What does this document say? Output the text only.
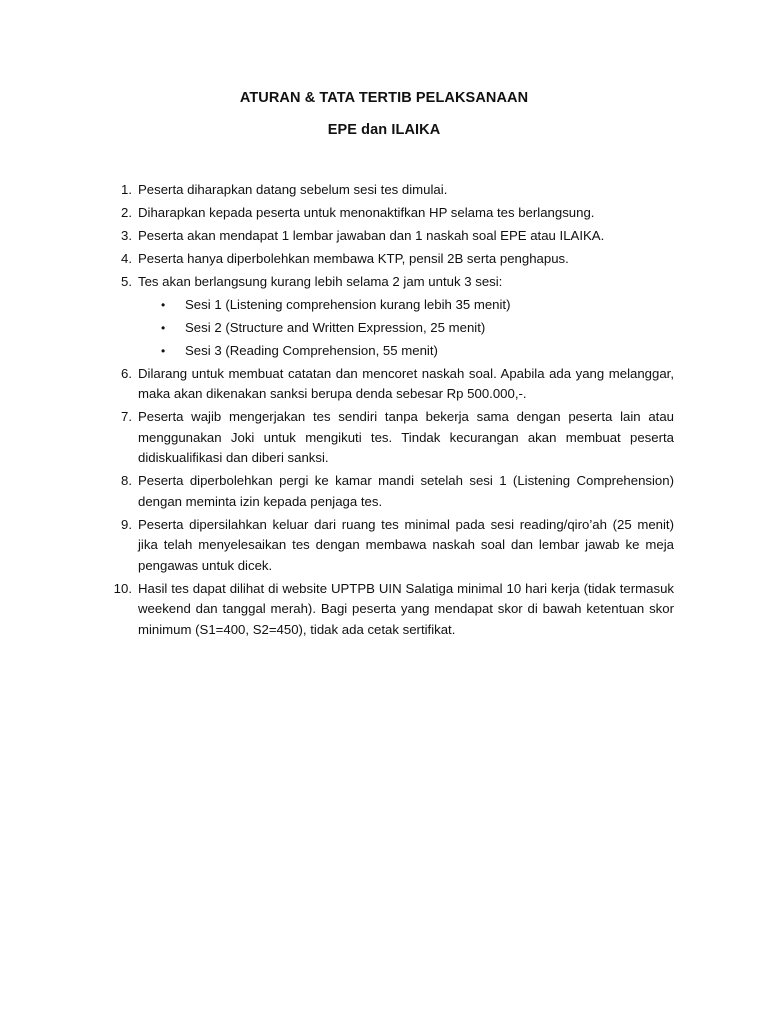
ATURAN & TATA TERTIB PELAKSANAAN
EPE dan ILAIKA
1. Peserta diharapkan datang sebelum sesi tes dimulai.
2. Diharapkan kepada peserta untuk menonaktifkan HP selama tes berlangsung.
3. Peserta akan mendapat 1 lembar jawaban dan 1 naskah soal EPE atau ILAIKA.
4. Peserta hanya diperbolehkan membawa KTP, pensil 2B serta penghapus.
5. Tes akan berlangsung kurang lebih selama 2 jam untuk 3 sesi:
• Sesi 1 (Listening comprehension kurang lebih 35 menit)
• Sesi 2 (Structure and Written Expression, 25 menit)
• Sesi 3 (Reading Comprehension, 55 menit)
6. Dilarang untuk membuat catatan dan mencoret naskah soal. Apabila ada yang melanggar, maka akan dikenakan sanksi berupa denda sebesar Rp 500.000,-.
7. Peserta wajib mengerjakan tes sendiri tanpa bekerja sama dengan peserta lain atau menggunakan Joki untuk mengikuti tes. Tindak kecurangan akan membuat peserta didiskualifikasi dan diberi sanksi.
8. Peserta diperbolehkan pergi ke kamar mandi setelah sesi 1 (Listening Comprehension) dengan meminta izin kepada penjaga tes.
9. Peserta dipersilahkan keluar dari ruang tes minimal pada sesi reading/qiro’ah (25 menit) jika telah menyelesaikan tes dengan membawa naskah soal dan lembar jawab ke meja pengawas untuk dicek.
10. Hasil tes dapat dilihat di website UPTPB UIN Salatiga minimal 10 hari kerja (tidak termasuk weekend dan tanggal merah). Bagi peserta yang mendapat skor di bawah ketentuan skor minimum (S1=400, S2=450), tidak ada cetak sertifikat.
